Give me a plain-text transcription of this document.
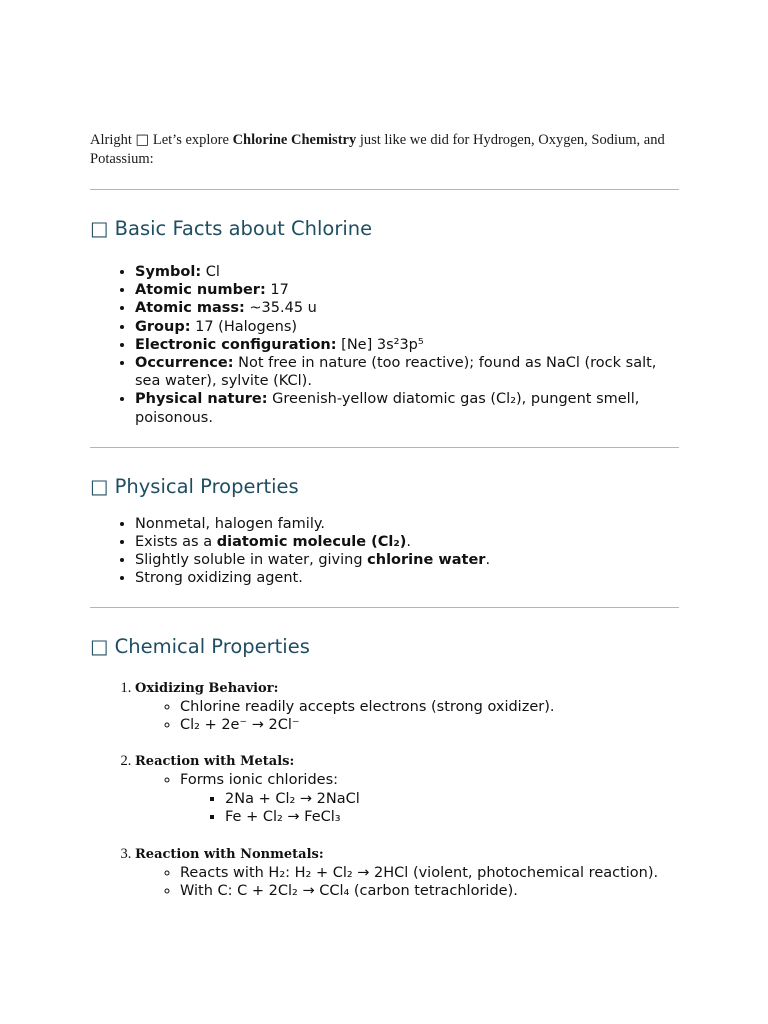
Alright □ Let’s explore Chlorine Chemistry just like we did for Hydrogen, Oxygen, Sodium, and Potassium:

□ Basic Facts about Chlorine
• Symbol: Cl
• Atomic number: 17
• Atomic mass: ~35.45 u
• Group: 17 (Halogens)
• Electronic configuration: [Ne] 3s²3p⁵
• Occurrence: Not free in nature (too reactive); found as NaCl (rock salt, sea water), sylvite (KCl).
• Physical nature: Greenish-yellow diatomic gas (Cl₂), pungent smell, poisonous.
□ Physical Properties
• Nonmetal, halogen family.
• Exists as a diatomic molecule (Cl₂).
• Slightly soluble in water, giving chlorine water.
• Strong oxidizing agent.
□ Chemical Properties
1. Oxidizing Behavior:
◦ Chlorine readily accepts electrons (strong oxidizer).
◦ Cl₂ + 2e⁻ → 2Cl⁻
2. Reaction with Metals:
◦ Forms ionic chlorides:
▪ 2Na + Cl₂ → 2NaCl
▪ Fe + Cl₂ → FeCl₃
3. Reaction with Nonmetals:
◦ Reacts with H₂: H₂ + Cl₂ → 2HCl (violent, photochemical reaction).
◦ With C: C + 2Cl₂ → CCl₄ (carbon tetrachloride).
